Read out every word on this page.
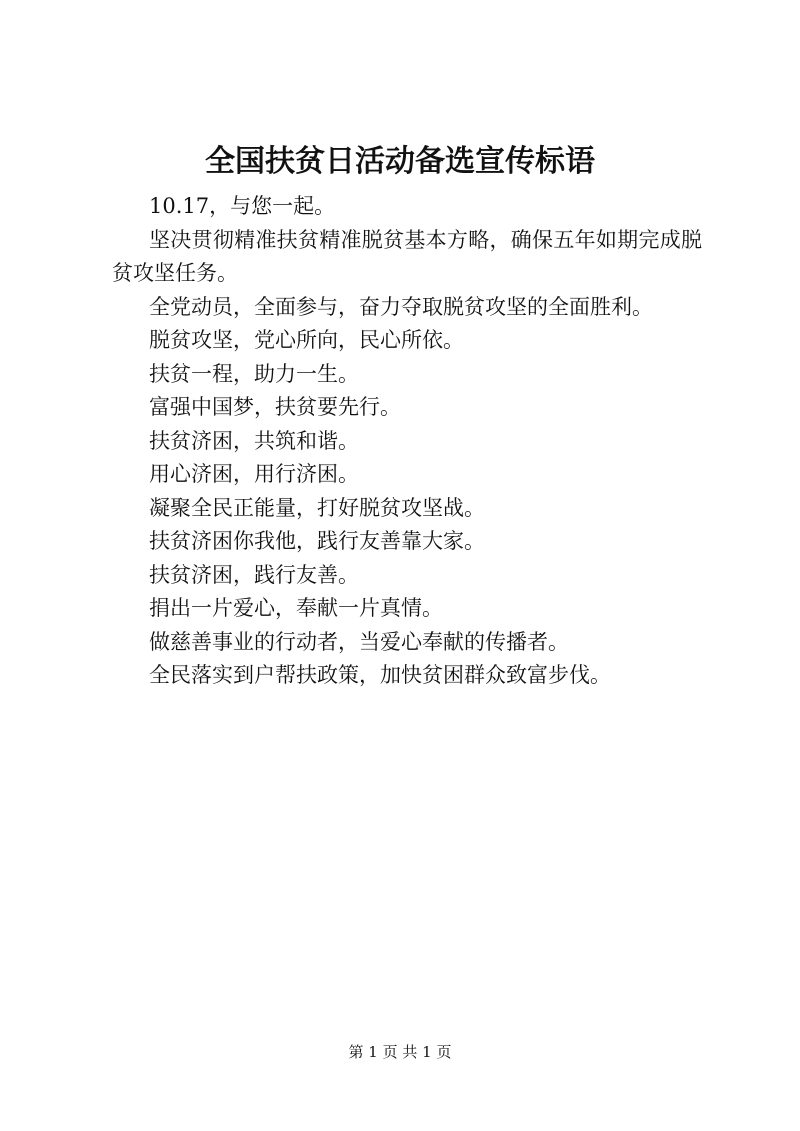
全国扶贫日活动备选宣传标语

10.17，与您一起。

坚决贯彻精准扶贫精准脱贫基本方略，确保五年如期完成脱贫攻坚任务。

全党动员，全面参与，奋力夺取脱贫攻坚的全面胜利。

脱贫攻坚，党心所向，民心所依。

扶贫一程，助力一生。

富强中国梦，扶贫要先行。

扶贫济困，共筑和谐。

用心济困，用行济困。

凝聚全民正能量，打好脱贫攻坚战。

扶贫济困你我他，践行友善靠大家。

扶贫济困，践行友善。

捐出一片爱心，奉献一片真情。

做慈善事业的行动者，当爱心奉献的传播者。

全民落实到户帮扶政策，加快贫困群众致富步伐。

第 1 页 共 1 页
